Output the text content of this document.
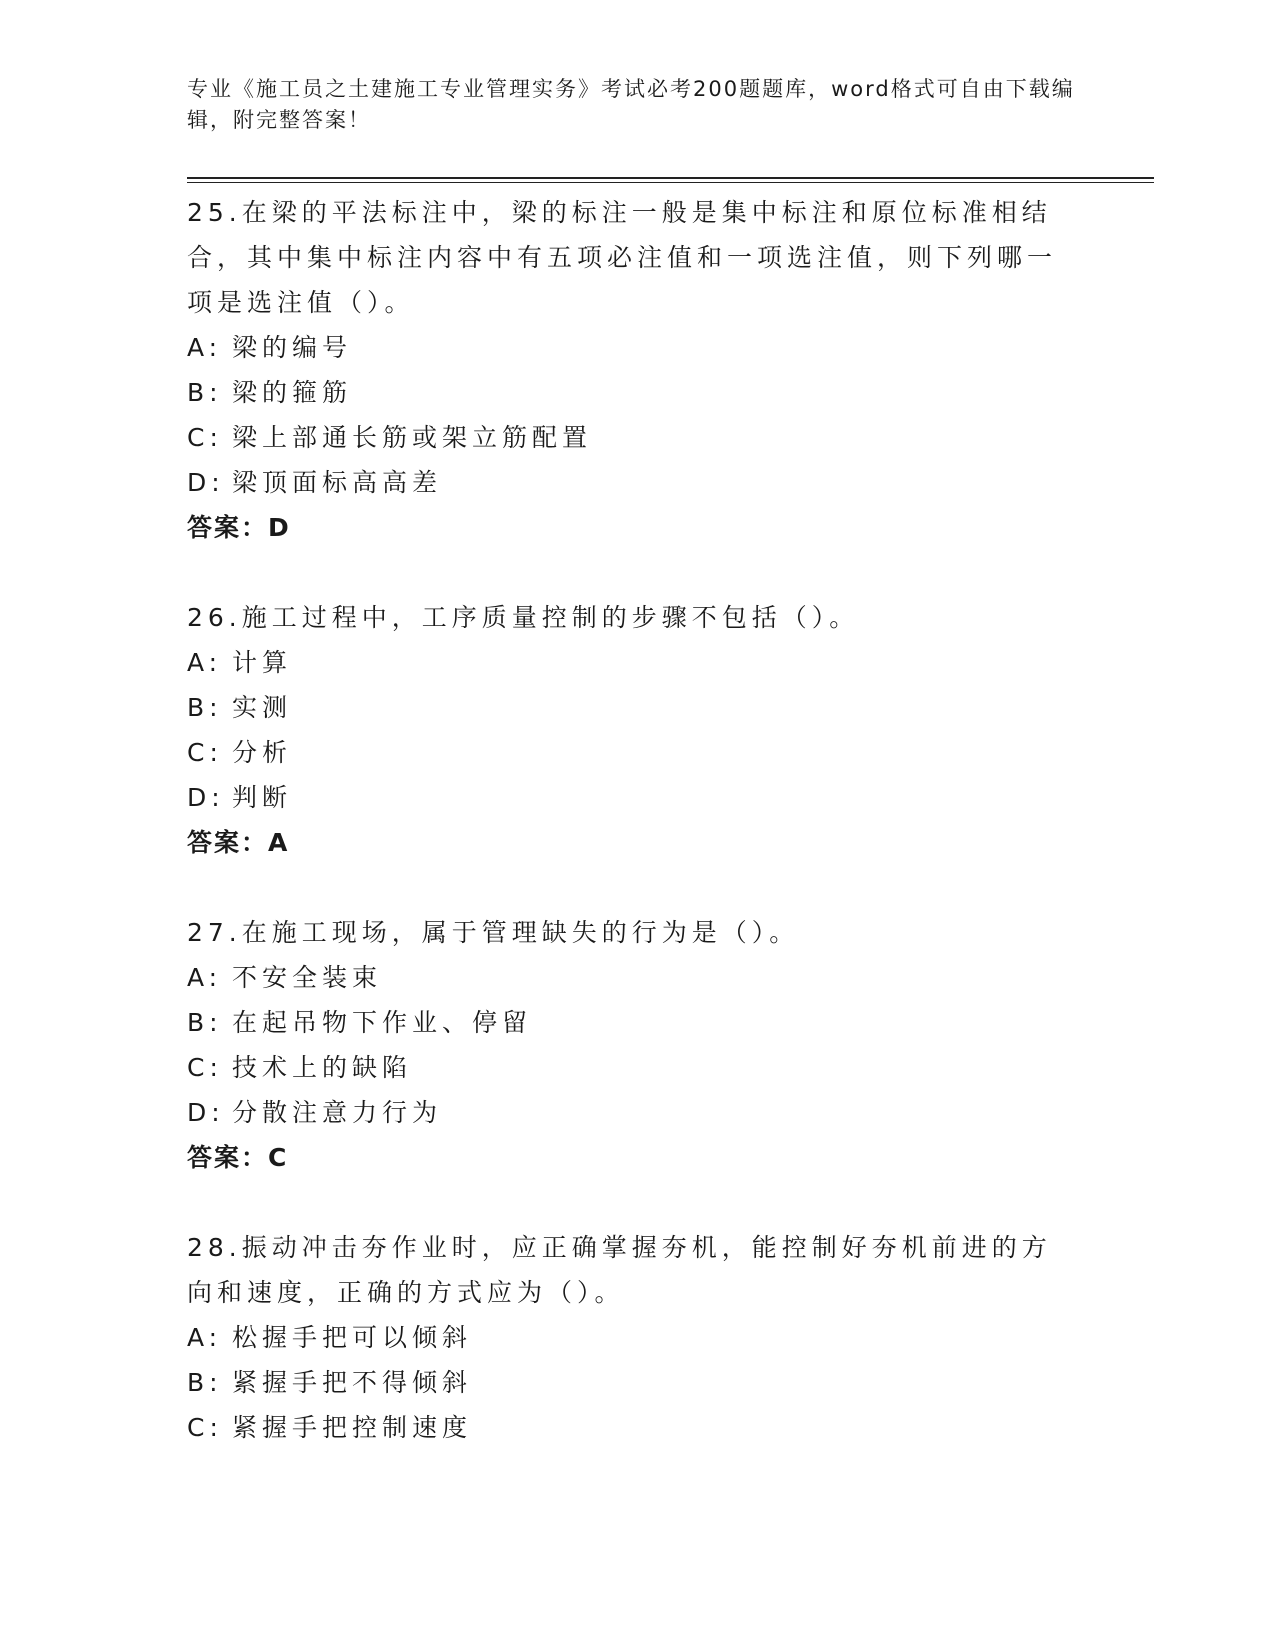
专业《施工员之土建施工专业管理实务》考试必考200题题库，word格式可自由下载编辑，附完整答案！

25.在梁的平法标注中，梁的标注一般是集中标注和原位标准相结合，其中集中标注内容中有五项必注值和一项选注值，则下列哪一项是选注值（）。

A: 梁的编号

B: 梁的箍筋

C: 梁上部通长筋或架立筋配置

D: 梁顶面标高高差

答案：D

26.施工过程中，工序质量控制的步骤不包括（）。

A: 计算

B: 实测

C: 分析

D: 判断

答案：A

27.在施工现场，属于管理缺失的行为是（）。

A: 不安全装束

B: 在起吊物下作业、停留

C: 技术上的缺陷

D: 分散注意力行为

答案：C

28.振动冲击夯作业时，应正确掌握夯机，能控制好夯机前进的方向和速度，正确的方式应为（）。

A: 松握手把可以倾斜

B: 紧握手把不得倾斜

C: 紧握手把控制速度
